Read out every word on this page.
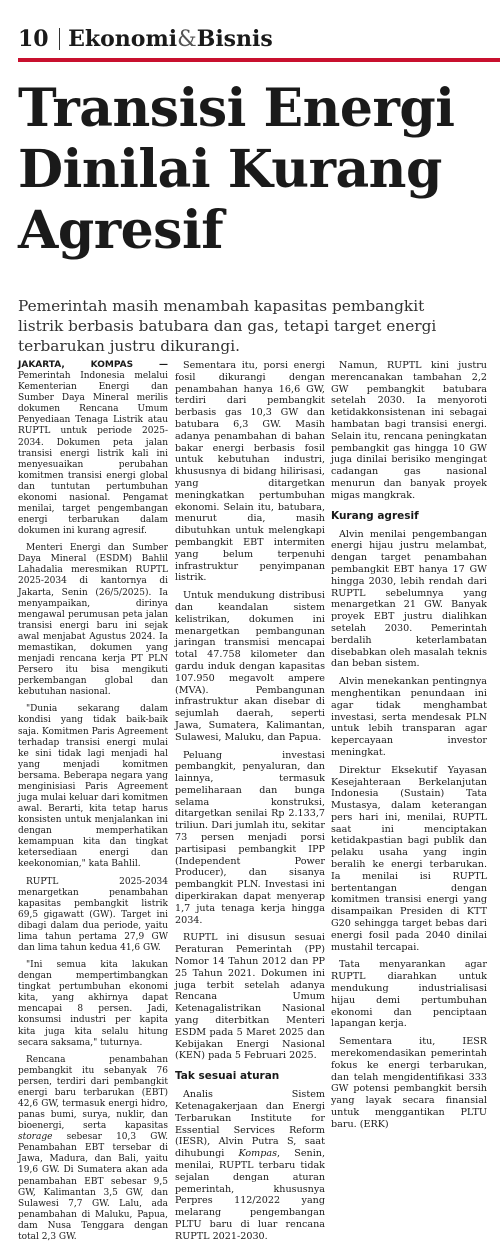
10 Ekonomi&Bisnis
Transisi Energi
Dinilai Kurang
Agresif

Pemerintah masih menambah kapasitas pembangkit
listrik berbasis batubara dan gas, tetapi target energi
terbarukan justru dikurangi.

JAKARTA, KOMPAS — Pemerintah Indonesia melalui Kementerian Energi dan Sumber Daya Mineral merilis dokumen Rencana Umum Penyediaan Tenaga Listrik atau RUPTL untuk periode 2025-2034. Dokumen peta jalan transisi energi listrik kali ini menyesuaikan perubahan komitmen transisi energi global dan tuntutan pertumbuhan ekonomi nasional. Pengamat menilai, target pengembangan energi terbarukan dalam dokumen ini kurang agresif.

Menteri Energi dan Sumber Daya Mineral (ESDM) Bahlil Lahadalia meresmikan RUPTL 2025-2034 di kantornya di Jakarta, Senin (26/5/2025). Ia menyampaikan, dirinya mengawal perumusan peta jalan transisi energi baru ini sejak awal menjabat Agustus 2024. Ia memastikan, dokumen yang menjadi rencana kerja PT PLN Persero itu bisa mengikuti perkembangan global dan kebutuhan nasional.

"Dunia sekarang dalam kondisi yang tidak baik-baik saja. Komitmen Paris Agreement terhadap transisi energi mulai ke sini tidak lagi menjadi hal yang menjadi komitmen bersama. Beberapa negara yang menginisiasi Paris Agreement juga mulai keluar dari komitmen awal. Berarti, kita tetap harus konsisten untuk menjalankan ini dengan memperhatikan kemampuan kita dan tingkat ketersediaan energi dan keekonomian," kata Bahlil.

RUPTL 2025-2034 menargetkan penambahan kapasitas pembangkit listrik 69,5 gigawatt (GW). Target ini dibagi dalam dua periode, yaitu lima tahun pertama 27,9 GW dan lima tahun kedua 41,6 GW.

"Ini semua kita lakukan dengan mempertimbangkan tingkat pertumbuhan ekonomi kita, yang akhirnya dapat mencapai 8 persen. Jadi, konsumsi industri per kapita kita juga kita selalu hitung secara saksama," tuturnya.

Rencana penambahan pembangkit itu sebanyak 76 persen, terdiri dari pembangkit energi baru terbarukan (EBT) 42,6 GW, termasuk energi hidro, panas bumi, surya, nuklir, dan bioenergi, serta kapasitas storage sebesar 10,3 GW. Penambahan EBT tersebar di Jawa, Madura, dan Bali, yaitu 19,6 GW. Di Sumatera akan ada penambahan EBT sebesar 9,5 GW, Kalimantan 3,5 GW, dan Sulawesi 7,7 GW. Lalu, ada penambahan di Maluku, Papua, dam Nusa Tenggara dengan total 2,3 GW.

Sementara itu, porsi energi fosil dikurangi dengan penambahan hanya 16,6 GW, terdiri dari pembangkit berbasis gas 10,3 GW dan batubara 6,3 GW. Masih adanya penambahan di bahan bakar energi berbasis fosil untuk kebutuhan industri, khususnya di bidang hilirisasi, yang ditargetkan meningkatkan pertumbuhan ekonomi. Selain itu, batubara, menurut dia, masih dibutuhkan untuk melengkapi pembangkit EBT intermiten yang belum terpenuhi infrastruktur penyimpanan listrik.

Untuk mendukung distribusi dan keandalan sistem kelistrikan, dokumen ini menargetkan pembangunan jaringan transmisi mencapai total 47.758 kilometer dan gardu induk dengan kapasitas 107.950 megavolt ampere (MVA). Pembangunan infrastruktur akan disebar di sejumlah daerah, seperti Jawa, Sumatera, Kalimantan, Sulawesi, Maluku, dan Papua.

Peluang investasi pembangkit, penyaluran, dan lainnya, termasuk pemeliharaan dan bunga selama konstruksi, ditargetkan senilai Rp 2.133,7 triliun. Dari jumlah itu, sekitar 73 persen menjadi porsi partisipasi pembangkit IPP (Independent Power Producer), dan sisanya pembangkit PLN. Investasi ini diperkirakan dapat menyerap 1,7 juta tenaga kerja hingga 2034.

RUPTL ini disusun sesuai Peraturan Pemerintah (PP) Nomor 14 Tahun 2012 dan PP 25 Tahun 2021. Dokumen ini juga terbit setelah adanya Rencana Umum Ketenagalistrikan Nasional yang diterbitkan Menteri ESDM pada 5 Maret 2025 dan Kebijakan Energi Nasional (KEN) pada 5 Februari 2025.

Tak sesuai aturan

Analis Sistem Ketenagakerjaan dan Energi Terbarukan Institute for Essential Services Reform (IESR), Alvin Putra S, saat dihubungi Kompas, Senin, menilai, RUPTL terbaru tidak sejalan dengan aturan pemerintah, khususnya Perpres 112/2022 yang melarang pengembangan PLTU baru di luar rencana RUPTL 2021-2030.

Namun, RUPTL kini justru merencanakan tambahan 2,2 GW pembangkit batubara setelah 2030. Ia menyoroti ketidakkonsistenan ini sebagai hambatan bagi transisi energi. Selain itu, rencana peningkatan pembangkit gas hingga 10 GW juga dinilai berisiko mengingat cadangan gas nasional menurun dan banyak proyek migas mangkrak.

Kurang agresif

Alvin menilai pengembangan energi hijau justru melambat, dengan target penambahan pembangkit EBT hanya 17 GW hingga 2030, lebih rendah dari RUPTL sebelumnya yang menargetkan 21 GW. Banyak proyek EBT justru dialihkan setelah 2030. Pemerintah berdalih keterlambatan disebabkan oleh masalah teknis dan beban sistem.

Alvin menekankan pentingnya menghentikan penundaan ini agar tidak menghambat investasi, serta mendesak PLN untuk lebih transparan agar kepercayaan investor meningkat.

Direktur Eksekutif Yayasan Kesejahteraan Berkelanjutan Indonesia (Sustain) Tata Mustasya, dalam keterangan pers hari ini, menilai, RUPTL saat ini menciptakan ketidakpastian bagi publik dan pelaku usaha yang ingin beralih ke energi terbarukan. Ia menilai isi RUPTL bertentangan dengan komitmen transisi energi yang disampaikan Presiden di KTT G20 sehingga target bebas dari energi fosil pada 2040 dinilai mustahil tercapai.

Tata menyarankan agar RUPTL diarahkan untuk mendukung industrialisasi hijau demi pertumbuhan ekonomi dan penciptaan lapangan kerja.

Sementara itu, IESR merekomendasikan pemerintah fokus ke energi terbarukan, dan telah mengidentifikasi 333 GW potensi pembangkit bersih yang layak secara finansial untuk menggantikan PLTU baru. (ERK)
